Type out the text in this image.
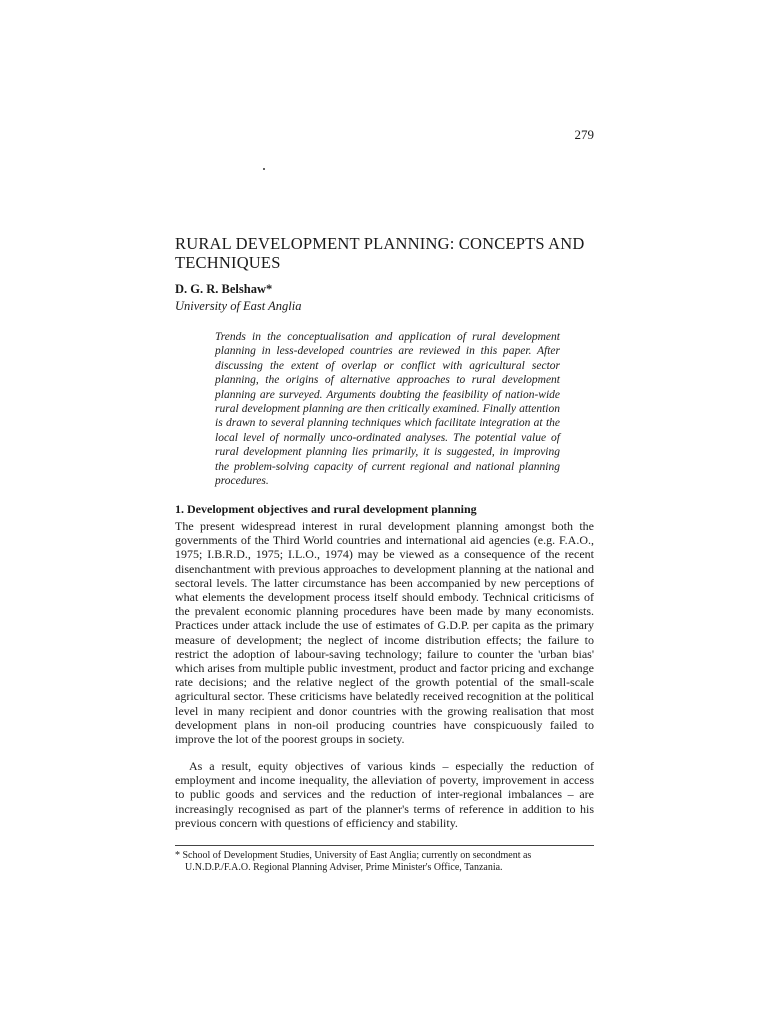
279
RURAL DEVELOPMENT PLANNING: CONCEPTS AND TECHNIQUES
D. G. R. Belshaw*
University of East Anglia

Trends in the conceptualisation and application of rural development planning in less-developed countries are reviewed in this paper. After discussing the extent of overlap or conflict with agricultural sector planning, the origins of alternative approaches to rural development planning are surveyed. Arguments doubting the feasibility of nation-wide rural development planning are then critically examined. Finally attention is drawn to several planning techniques which facilitate integration at the local level of normally unco-ordinated analyses. The potential value of rural development planning lies primarily, it is suggested, in improving the problem-solving capacity of current regional and national planning procedures.

1. Development objectives and rural development planning

The present widespread interest in rural development planning amongst both the governments of the Third World countries and international aid agencies (e.g. F.A.O., 1975; I.B.R.D., 1975; I.L.O., 1974) may be viewed as a consequence of the recent disenchantment with previous approaches to development planning at the national and sectoral levels. The latter circumstance has been accompanied by new perceptions of what elements the development process itself should embody. Technical criticisms of the prevalent economic planning procedures have been made by many economists. Practices under attack include the use of estimates of G.D.P. per capita as the primary measure of development; the neglect of income distribution effects; the failure to restrict the adoption of labour-saving technology; failure to counter the 'urban bias' which arises from multiple public investment, product and factor pricing and exchange rate decisions; and the relative neglect of the growth potential of the small-scale agricultural sector. These criticisms have belatedly received recognition at the political level in many recipient and donor countries with the growing realisation that most development plans in non-oil producing countries have conspicuously failed to improve the lot of the poorest groups in society.

As a result, equity objectives of various kinds – especially the reduction of employment and income inequality, the alleviation of poverty, improvement in access to public goods and services and the reduction of inter-regional imbalances – are increasingly recognised as part of the planner's terms of reference in addition to his previous concern with questions of efficiency and stability.

* School of Development Studies, University of East Anglia; currently on secondment as
U.N.D.P./F.A.O. Regional Planning Adviser, Prime Minister's Office, Tanzania.
